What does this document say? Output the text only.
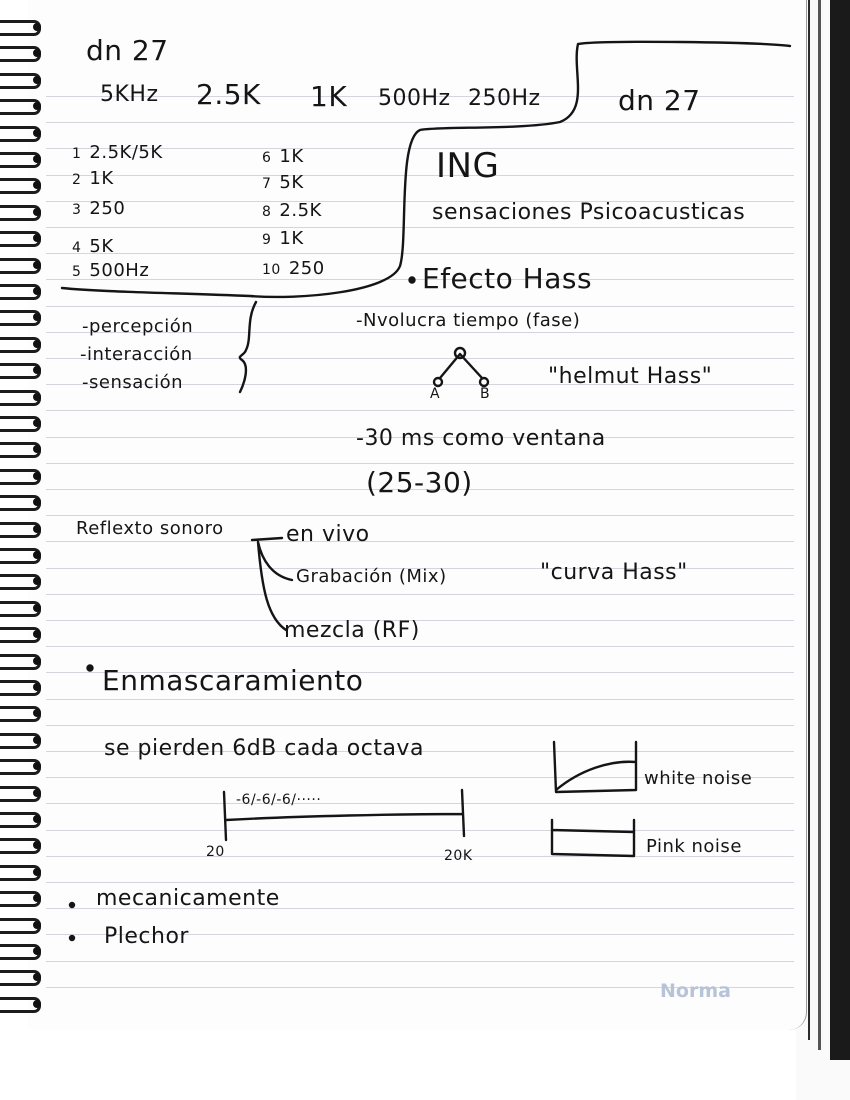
dn 27
dn 27
5KHz 2.5K 1K 500Hz 250Hz
1 2.5K/5K
2 1K
3 250
4 5K
5 500Hz
6 1K
7 5K
8 2.5K
9 1K
10 250
ING
sensaciones Psicoacusticas
-percepción
-interacción
-sensación
Efecto Hass
-Nvolucra tiempo (fase)
A	B
"helmut Hass"
-30 ms como ventana
(25-30)
Reflexto sonoro	en vivo
Grabación (Mix)
mezcla (RF)
"curva Hass"
Enmascaramiento
se pierden 6dB cada octava
-6/-6/-6/·····
20	20K
white noise
Pink noise
mecanicamente
Plechor
Norma
